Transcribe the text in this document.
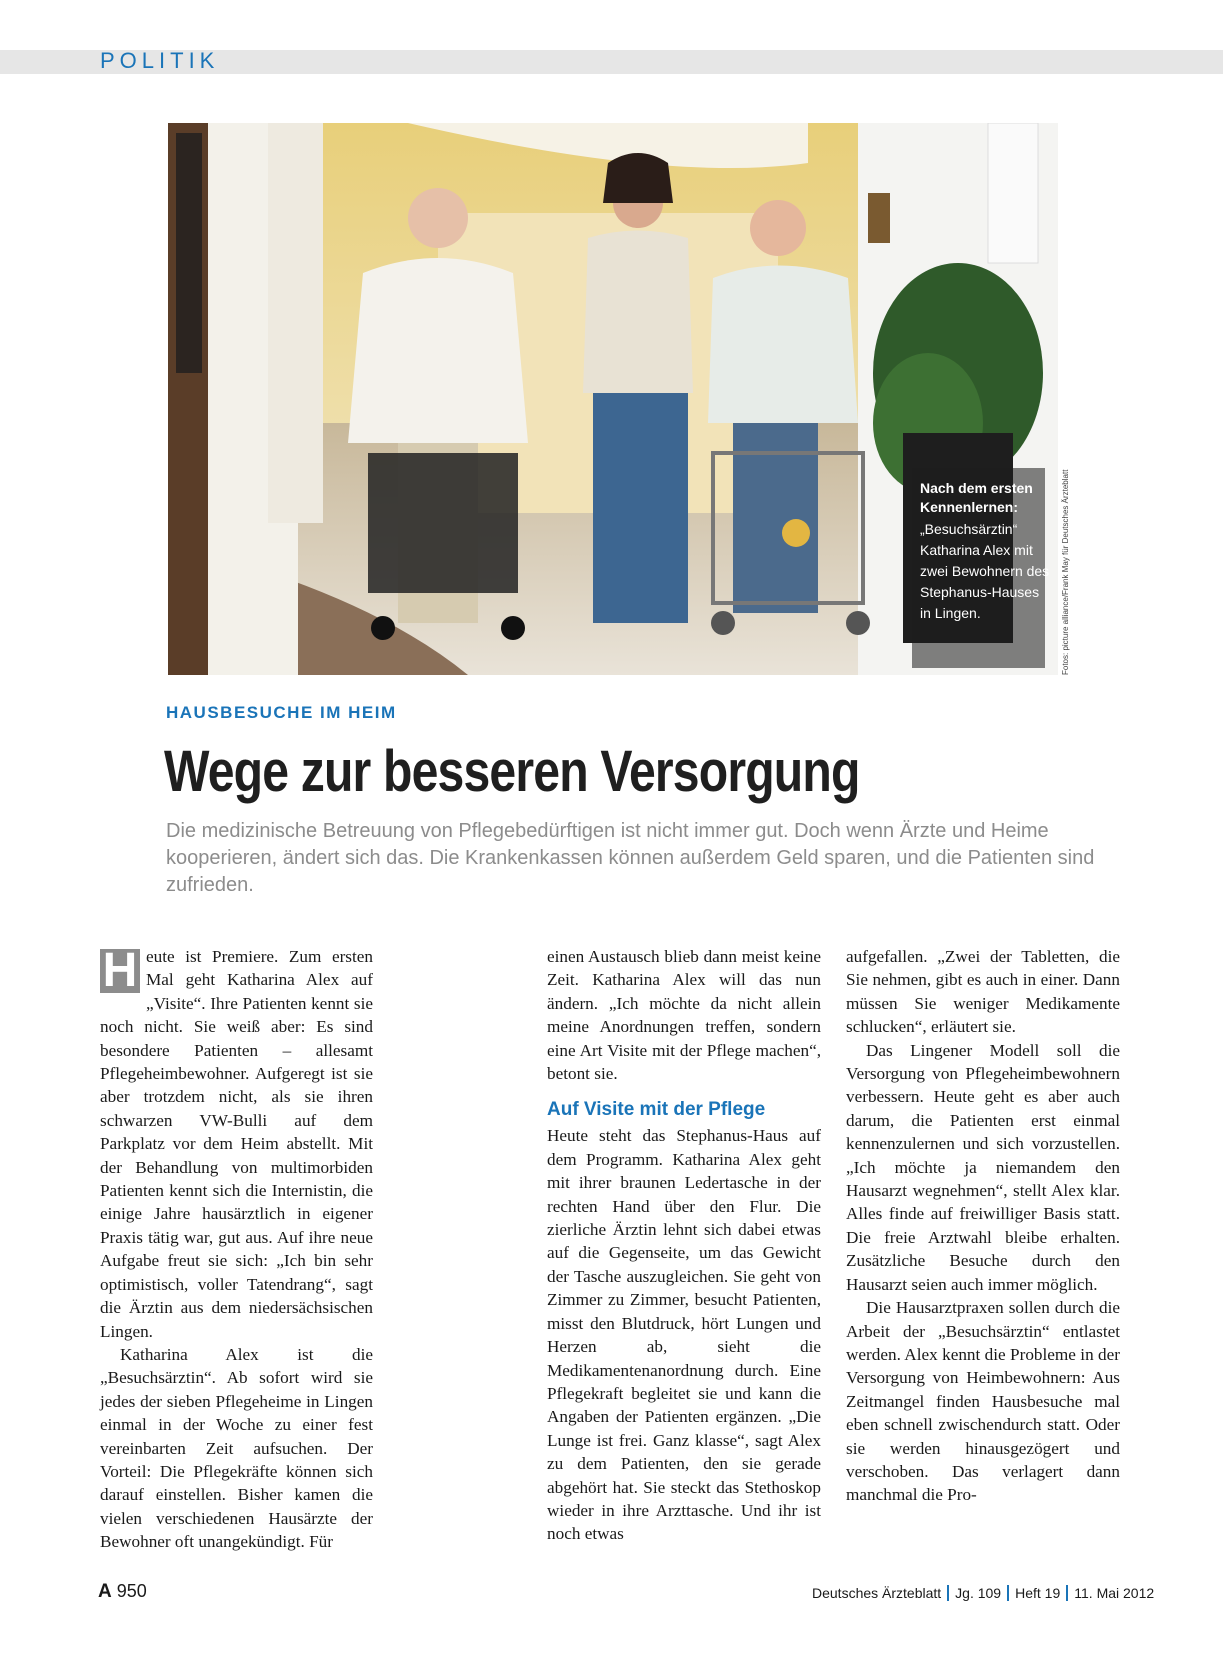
POLITIK
Nach dem ersten Kennenlernen:
„Besuchsärztin“ Katharina Alex mit zwei Bewohnern des Stephanus-Hauses in Lingen.	Fotos: picture alliance/Frank May für Deutsches Ärzteblatt
HAUSBESUCHE IM HEIM
Wege zur besseren Versorgung
Die medizinische Betreuung von Pflegebedürftigen ist nicht immer gut. Doch wenn Ärzte und Heime kooperieren, ändert sich das. Die Krankenkassen können außerdem Geld sparen, und die Patienten sind zufrieden.
H eute ist Premiere. Zum ersten Mal geht Katharina Alex auf „Visite“. Ihre Patienten kennt sie noch nicht. Sie weiß aber: Es sind besondere Patienten – allesamt Pflegeheimbewohner. Aufgeregt ist sie aber trotzdem nicht, als sie ihren schwarzen VW-Bulli auf dem Parkplatz vor dem Heim abstellt. Mit der Behandlung von multimorbiden Patienten kennt sich die Internistin, die einige Jahre hausärztlich in eigener Praxis tätig war, gut aus. Auf ihre neue Aufgabe freut sie sich: „Ich bin sehr optimistisch, voller Tatendrang“, sagt die Ärztin aus dem niedersächsischen Lingen.

Katharina Alex ist die „Besuchsärztin“. Ab sofort wird sie jedes der sieben Pflegeheime in Lingen einmal in der Woche zu einer fest vereinbarten Zeit aufsuchen. Der Vorteil: Die Pflegekräfte können sich darauf einstellen. Bisher kamen die vielen verschiedenen Hausärzte der Bewohner oft unangekündigt. Für

einen Austausch blieb dann meist keine Zeit. Katharina Alex will das nun ändern. „Ich möchte da nicht allein meine Anordnungen treffen, sondern eine Art Visite mit der Pflege machen“, betont sie.

Auf Visite mit der Pflege

Heute steht das Stephanus-Haus auf dem Programm. Katharina Alex geht mit ihrer braunen Ledertasche in der rechten Hand über den Flur. Die zierliche Ärztin lehnt sich dabei etwas auf die Gegenseite, um das Gewicht der Tasche auszugleichen. Sie geht von Zimmer zu Zimmer, besucht Patienten, misst den Blutdruck, hört Lungen und Herzen ab, sieht die Medikamentenanordnung durch. Eine Pflegekraft begleitet sie und kann die Angaben der Patienten ergänzen. „Die Lunge ist frei. Ganz klasse“, sagt Alex zu dem Patienten, den sie gerade abgehört hat. Sie steckt das Stethoskop wieder in ihre Arzttasche. Und ihr ist noch etwas

aufgefallen. „Zwei der Tabletten, die Sie nehmen, gibt es auch in einer. Dann müssen Sie weniger Medikamente schlucken“, erläutert sie.

Das Lingener Modell soll die Versorgung von Pflegeheimbewohnern verbessern. Heute geht es aber auch darum, die Patienten erst einmal kennenzulernen und sich vorzustellen. „Ich möchte ja niemandem den Hausarzt wegnehmen“, stellt Alex klar. Alles finde auf freiwilliger Basis statt. Die freie Arztwahl bleibe erhalten. Zusätzliche Besuche durch den Hausarzt seien auch immer möglich.

Die Hausarztpraxen sollen durch die Arbeit der „Besuchsärztin“ entlastet werden. Alex kennt die Probleme in der Versorgung von Heimbewohnern: Aus Zeitmangel finden Hausbesuche mal eben schnell zwischendurch statt. Oder sie werden hinausgezögert und verschoben. Das verlagert dann manchmal die Pro-

A 950	Deutsches Ärzteblatt Jg. 109 Heft 19 11. Mai 2012
